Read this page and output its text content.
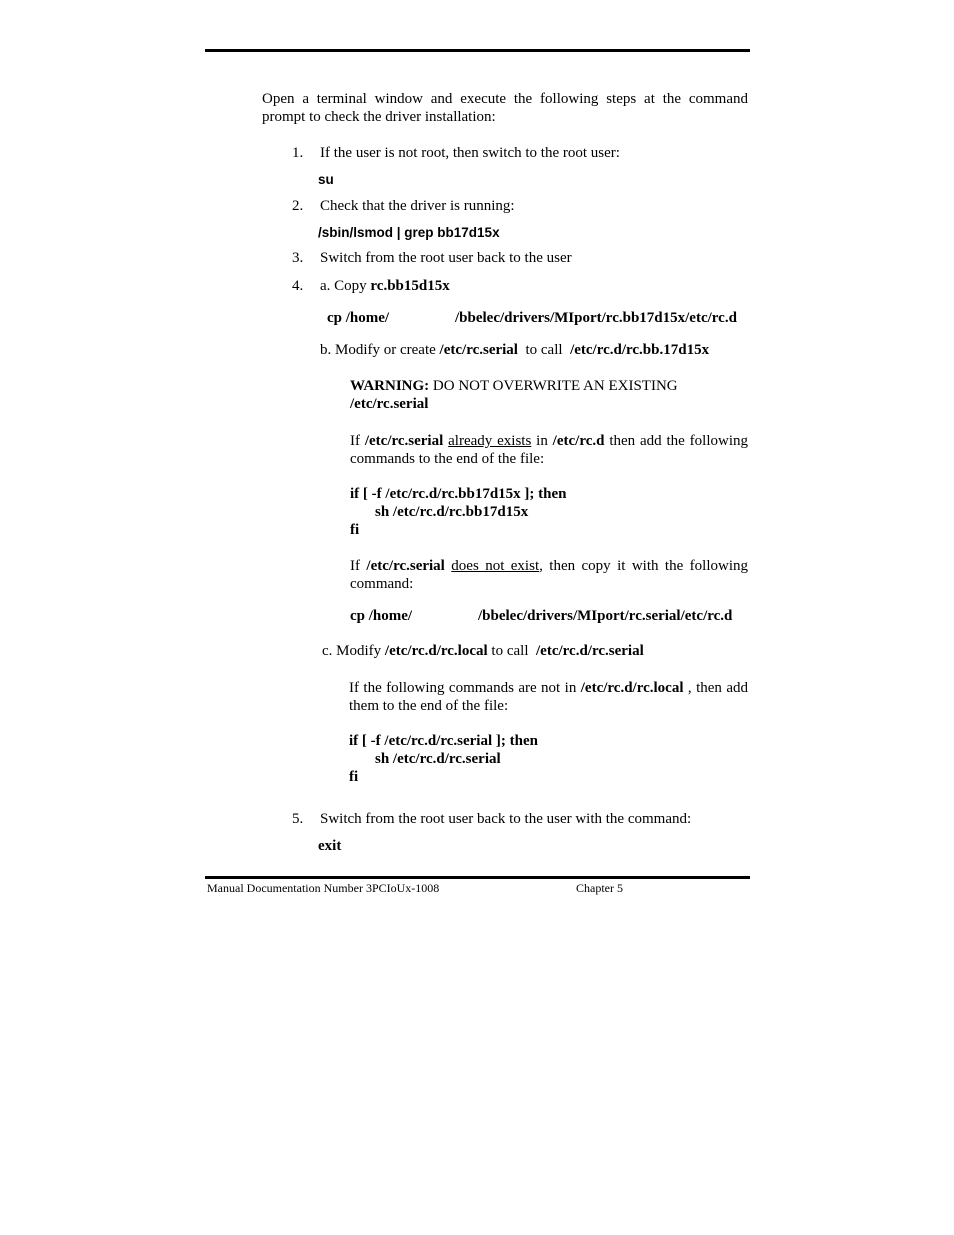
Open a terminal window and execute the following steps at the command prompt to check the driver installation:
1.	If the user is not root, then switch to the root user:
su
2.	Check that the driver is running:
/sbin/lsmod | grep bb17d15x
3.	Switch from the root user back to the user
4.	a. Copy rc.bb15d15x
cp /home/	/bbelec/drivers/MIport/rc.bb17d15x/etc/rc.d
b. Modify or create /etc/rc.serial  to call  /etc/rc.d/rc.bb.17d15x
WARNING: DO NOT OVERWRITE AN EXISTING
/etc/rc.serial
If /etc/rc.serial already exists in /etc/rc.d then add the following commands to the end of the file:
if [ -f /etc/rc.d/rc.bb17d15x ]; then
sh /etc/rc.d/rc.bb17d15x
fi
If /etc/rc.serial does not exist, then copy it with the following command:
cp /home/	/bbelec/drivers/MIport/rc.serial/etc/rc.d
c. Modify /etc/rc.d/rc.local to call  /etc/rc.d/rc.serial
If the following commands are not in /etc/rc.d/rc.local , then add them to the end of the file:
if [ -f /etc/rc.d/rc.serial ]; then
sh /etc/rc.d/rc.serial
fi
5.	Switch from the root user back to the user with the command:
exit
Manual Documentation Number 3PCIoUx-1008	Chapter 5
